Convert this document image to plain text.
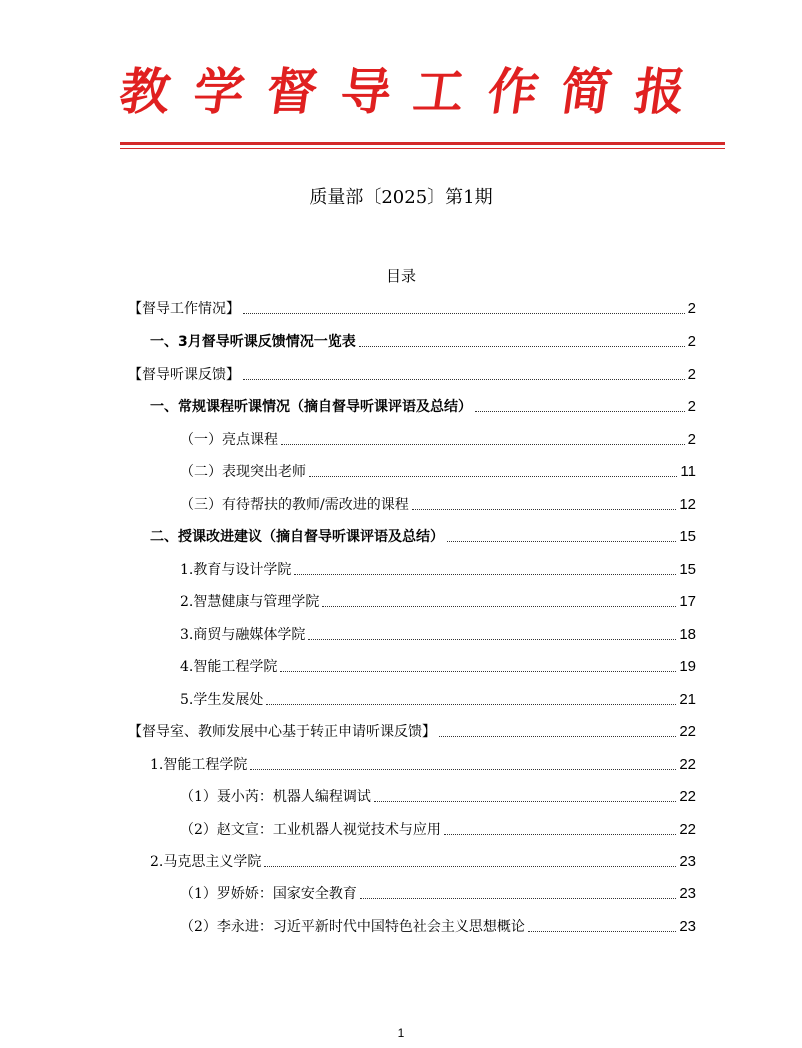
教 学 督 导 工 作 简 报
质量部〔2025〕第1期
目录
【督导工作情况】	2
一、3月督导听课反馈情况一览表	2
【督导听课反馈】	2
一、常规课程听课情况（摘自督导听课评语及总结）	2
（一）亮点课程	2
（二）表现突出老师	11
（三）有待帮扶的教师/需改进的课程	12
二、授课改进建议（摘自督导听课评语及总结）	15
1.教育与设计学院	15
2.智慧健康与管理学院	17
3.商贸与融媒体学院	18
4.智能工程学院	19
5.学生发展处	21
【督导室、教师发展中心基于转正申请听课反馈】	22
1.智能工程学院	22
（1）聂小芮：机器人编程调试	22
（2）赵文宣：工业机器人视觉技术与应用	22
2.马克思主义学院	23
（1）罗娇娇：国家安全教育	23
（2）李永进：习近平新时代中国特色社会主义思想概论	23
1
